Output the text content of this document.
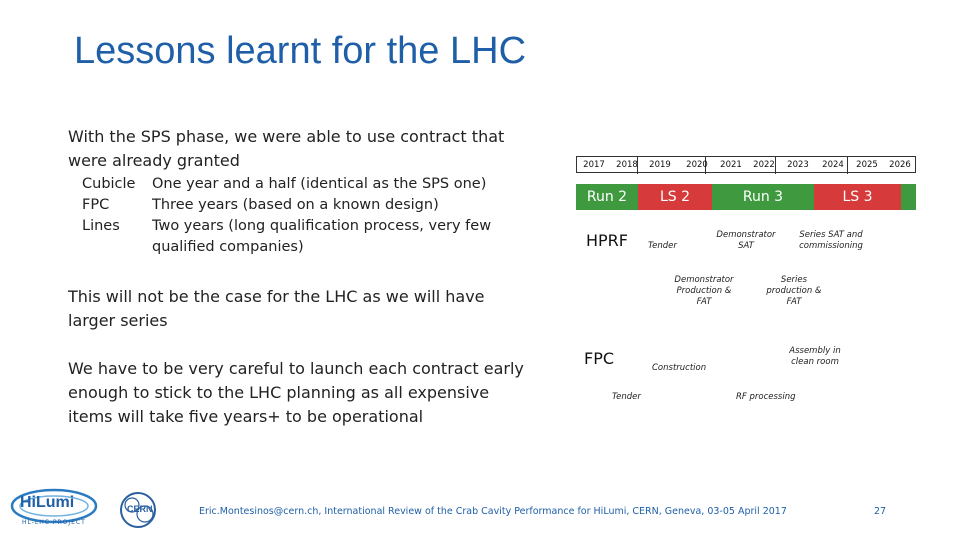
Lessons learnt for the LHC
With the SPS phase, we were able to use contract that were already granted
Cubicle	One year and a half (identical as the SPS one)
FPC	Three years (based on a known design)
Lines	Two years (long qualification process, very few qualified companies)
This will not be the case for the LHC as we will have larger series
We have to be very careful to launch each contract early enough to stick to the LHC planning as all expensive items will take five years+ to be operational
2017 2018 2019 2020 2021 2022 2023 2024 2025 2026
Run 2 LS 2	Run 3	LS 3
HPRF Tender
Demonstrator SAT
Series SAT and commissioning
Demonstrator Production & FAT
Series production & FAT
FPC	Construction
Assembly in clean room
Tender	RF processing
HiLumi
HL-LHC PROJECT
CERN	Eric.Montesinos@cern.ch, International Review of the Crab Cavity Performance for HiLumi, CERN, Geneva, 03-05 April 2017	27
